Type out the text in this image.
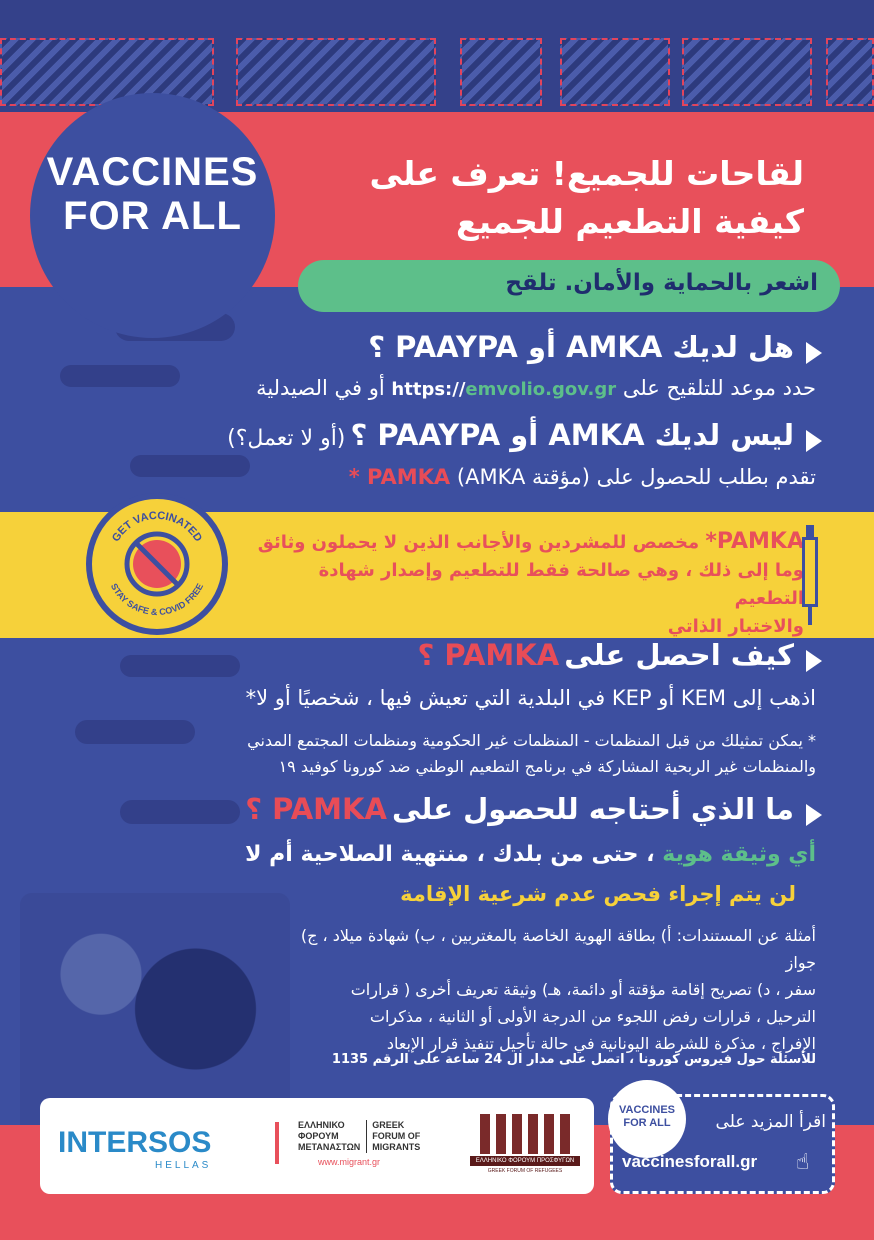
VACCINES
FOR ALL
لقاحات للجميع! تعرف على
كيفية التطعيم للجميع
اشعر بالحماية والأمان. تلقح
هل لديك AMKA أو PAAYPA ؟
حدد موعد للتلقيح على https://emvolio.gov.gr أو في الصيدلية
ليس لديك AMKA أو PAAYPA ؟ (أو لا تعمل؟)
تقدم بطلب للحصول على (مؤقتة AMKA) PAMKA *
GET VACCINATED
STAY SAFE & COVID FREE
PAMKA* مخصص للمشردين والأجانب الذين لا يحملون وثائق
وما إلى ذلك ، وهي صالحة فقط للتطعيم وإصدار شهادة التطعيم
والاختبار الذاتي
كيف احصل على PAMKA ؟
اذهب إلى KEM أو KEP في البلدية التي تعيش فيها ، شخصيًا أو لا*
* يمكن تمثيلك من قبل المنظمات - المنظمات غير الحكومية ومنظمات المجتمع المدني
والمنظمات غير الربحية المشاركة في برنامج التطعيم الوطني ضد كورونا كوفيد ١٩
ما الذي أحتاجه للحصول على PAMKA ؟
أي وثيقة هوية ، حتى من بلدك ، منتهية الصلاحية أم لا
لن يتم إجراء فحص عدم شرعية الإقامة
أمثلة عن المستندات: أ) بطاقة الهوية الخاصة بالمغتربين ، ب) شهادة ميلاد ، ج) جواز
سفر ، د) تصريح إقامة مؤقتة أو دائمة، هـ) وثيقة تعريف أخرى ( قرارات
الترحيل ، قرارات رفض اللجوء من الدرجة الأولى أو الثانية ، مذكرات
الإفراج ، مذكرة للشرطة اليونانية في حالة تأجيل تنفيذ قرار الإبعاد
للأسئلة حول فيروس كورونا ، اتصل على مدار ال 24 ساعة على الرقم 1135
INTERSOS
HELLAS
ΕΛΛΗΝΙΚΟ
ΦΟΡΟΥΜ
ΜΕΤΑΝΑΣΤΩΝ
GREEK
FORUM OF
MIGRANTS
www.migrant.gr	ΕΛΛΗΝΙΚΟ ΦΟΡΟΥΜ ΠΡΟΣΦΥΓΩΝ
GREEK FORUM OF REFUGEES
VACCINES
FOR ALL	اقرأ المزيد على
vaccinesforall.gr ☝
